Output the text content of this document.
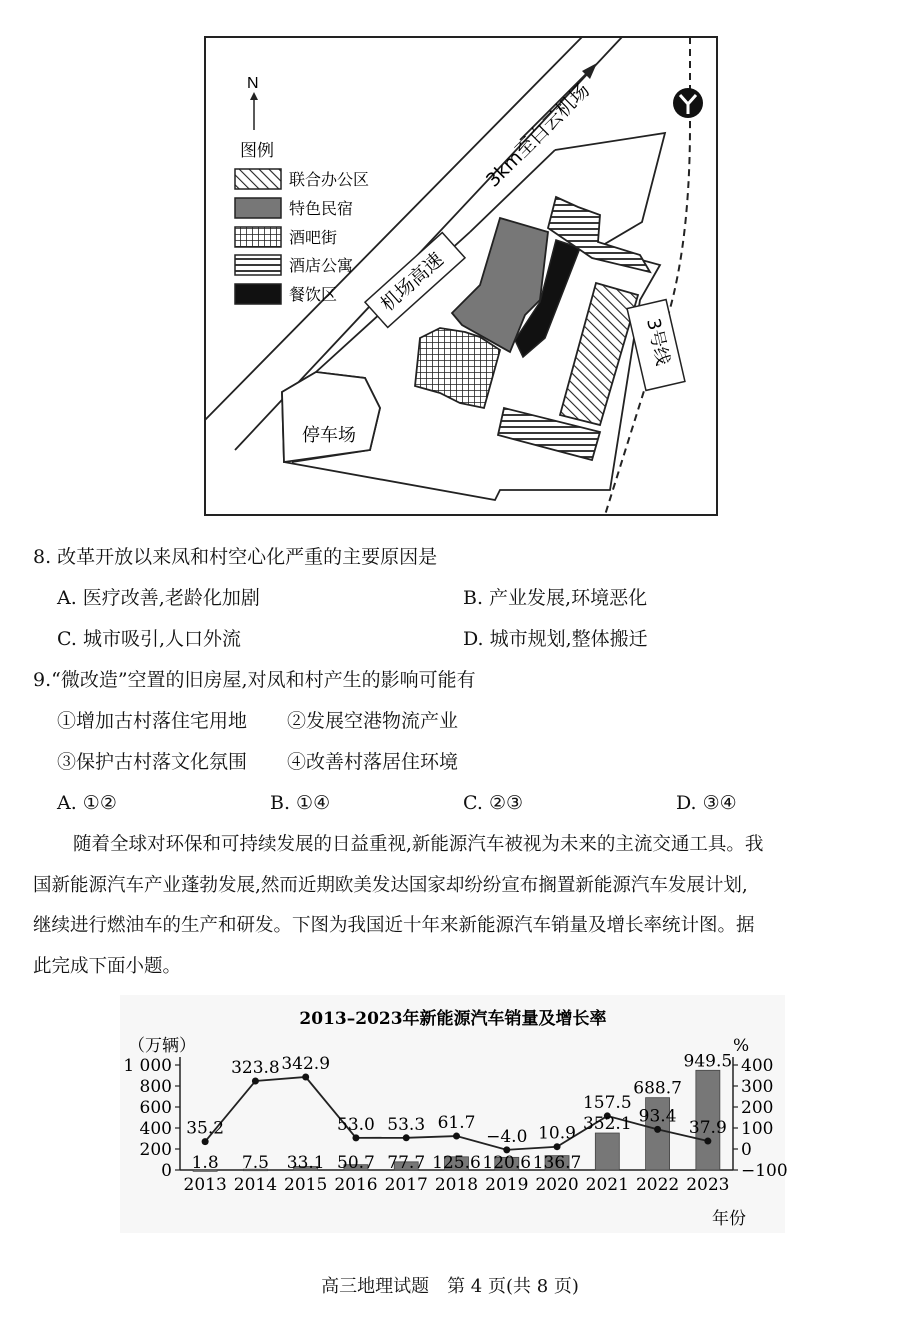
N
图例
联合办公区
特色民宿
酒吧街
酒店公寓
餐饮区
3km至白云机场
机场高速
3号线
停车场
8. 改革开放以来凤和村空心化严重的主要原因是
A. 医疗改善,老龄化加剧	B. 产业发展,环境恶化
C. 城市吸引,人口外流	D. 城市规划,整体搬迁
9.“微改造”空置的旧房屋,对凤和村产生的影响可能有
①增加古村落住宅用地 ②发展空港物流产业
③保护古村落文化氛围 ④改善村落居住环境
A. ①②	B. ①④	C. ②③	D. ③④
随着全球对环保和可持续发展的日益重视,新能源汽车被视为未来的主流交通工具。我
国新能源汽车产业蓬勃发展,然而近期欧美发达国家却纷纷宣布搁置新能源汽车发展计划,
继续进行燃油车的生产和研发。下图为我国近十年来新能源汽车销量及增长率统计图。据
此完成下面小题。
2013–2023年新能源汽车销量及增长率
（万辆）	%
年份
1 000
800
600
400
200
0
400
300
200
100
0
−100
35.2
323.8 342.9
53.0 53.3 61.7
−4.0 10.9
157.5
93.4
37.9
1.8 7.5 33.1 50.7 77.7 125.6 120.6 136.7
352.1
688.7
949.5
2013 2014 2015 2016 2017 2018 2019 2020 2021 2022 2023
高三地理试题　第 4 页(共 8 页)
